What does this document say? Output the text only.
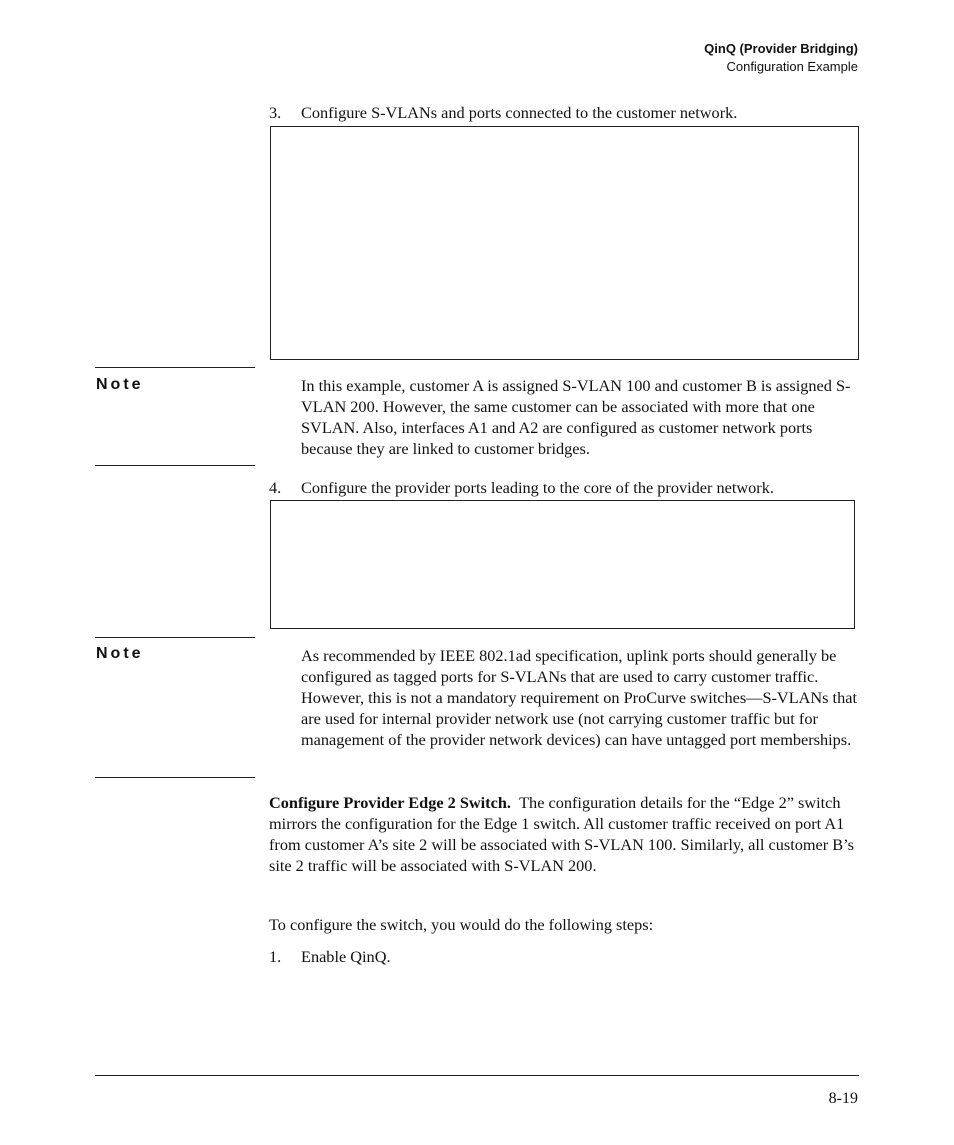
QinQ (Provider Bridging)
Configuration Example
3. Configure S-VLANs and ports connected to the customer network.
Note	In this example, customer A is assigned S-VLAN 100 and customer B is assigned S-VLAN 200. However, the same customer can be associated with more that one SVLAN. Also, interfaces A1 and A2 are configured as customer network ports because they are linked to customer bridges.
4. Configure the provider ports leading to the core of the provider network.
Note	As recommended by IEEE 802.1ad specification, uplink ports should generally be configured as tagged ports for S-VLANs that are used to carry customer traffic. However, this is not a mandatory requirement on ProCurve switches—S-VLANs that are used for internal provider network use (not carrying customer traffic but for management of the provider network devices) can have untagged port memberships.
Configure Provider Edge 2 Switch. The configuration details for the “Edge 2” switch mirrors the configuration for the Edge 1 switch. All customer traffic received on port A1 from customer A’s site 2 will be associated with S-VLAN 100. Similarly, all customer B’s site 2 traffic will be associated with S-VLAN 200.
To configure the switch, you would do the following steps:
1. Enable QinQ.
8-19
